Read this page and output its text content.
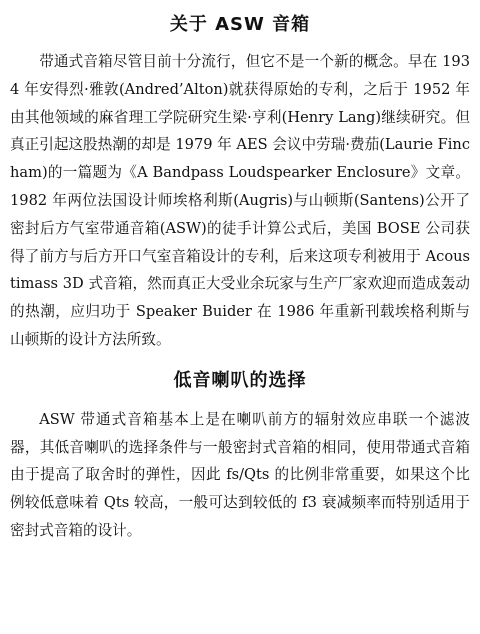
关于 ASW 音箱

带通式音箱尽管目前十分流行，但它不是一个新的概念。早在 1934 年安得烈·雅敦(Andred’Alton)就获得原始的专利，之后于 1952 年由其他领域的麻省理工学院研究生梁·亨利(Henry Lang)继续研究。但真正引起这股热潮的却是 1979 年 AES 会议中劳瑞·费茄(Laurie Fincham)的一篇题为《A Bandpass Loudspearker Enclosure》文章。1982 年两位法国设计师埃格利斯(Augris)与山顿斯(Santens)公开了密封后方气室带通音箱(ASW)的徒手计算公式后，美国 BOSE 公司获得了前方与后方开口气室音箱设计的专利，后来这项专利被用于 Acoustimass 3D 式音箱，然而真正大受业余玩家与生产厂家欢迎而造成轰动的热潮，应归功于 Speaker Buider 在 1986 年重新刊载埃格利斯与山顿斯的设计方法所致。

低音喇叭的选择

ASW 带通式音箱基本上是在喇叭前方的辐射效应串联一个滤波器，其低音喇叭的选择条件与一般密封式音箱的相同，使用带通式音箱由于提高了取舍时的弹性，因此 fs/Qts 的比例非常重要，如果这个比例较低意味着 Qts 较高，一般可达到较低的 f3 衰减频率而特别适用于密封式音箱的设计。
